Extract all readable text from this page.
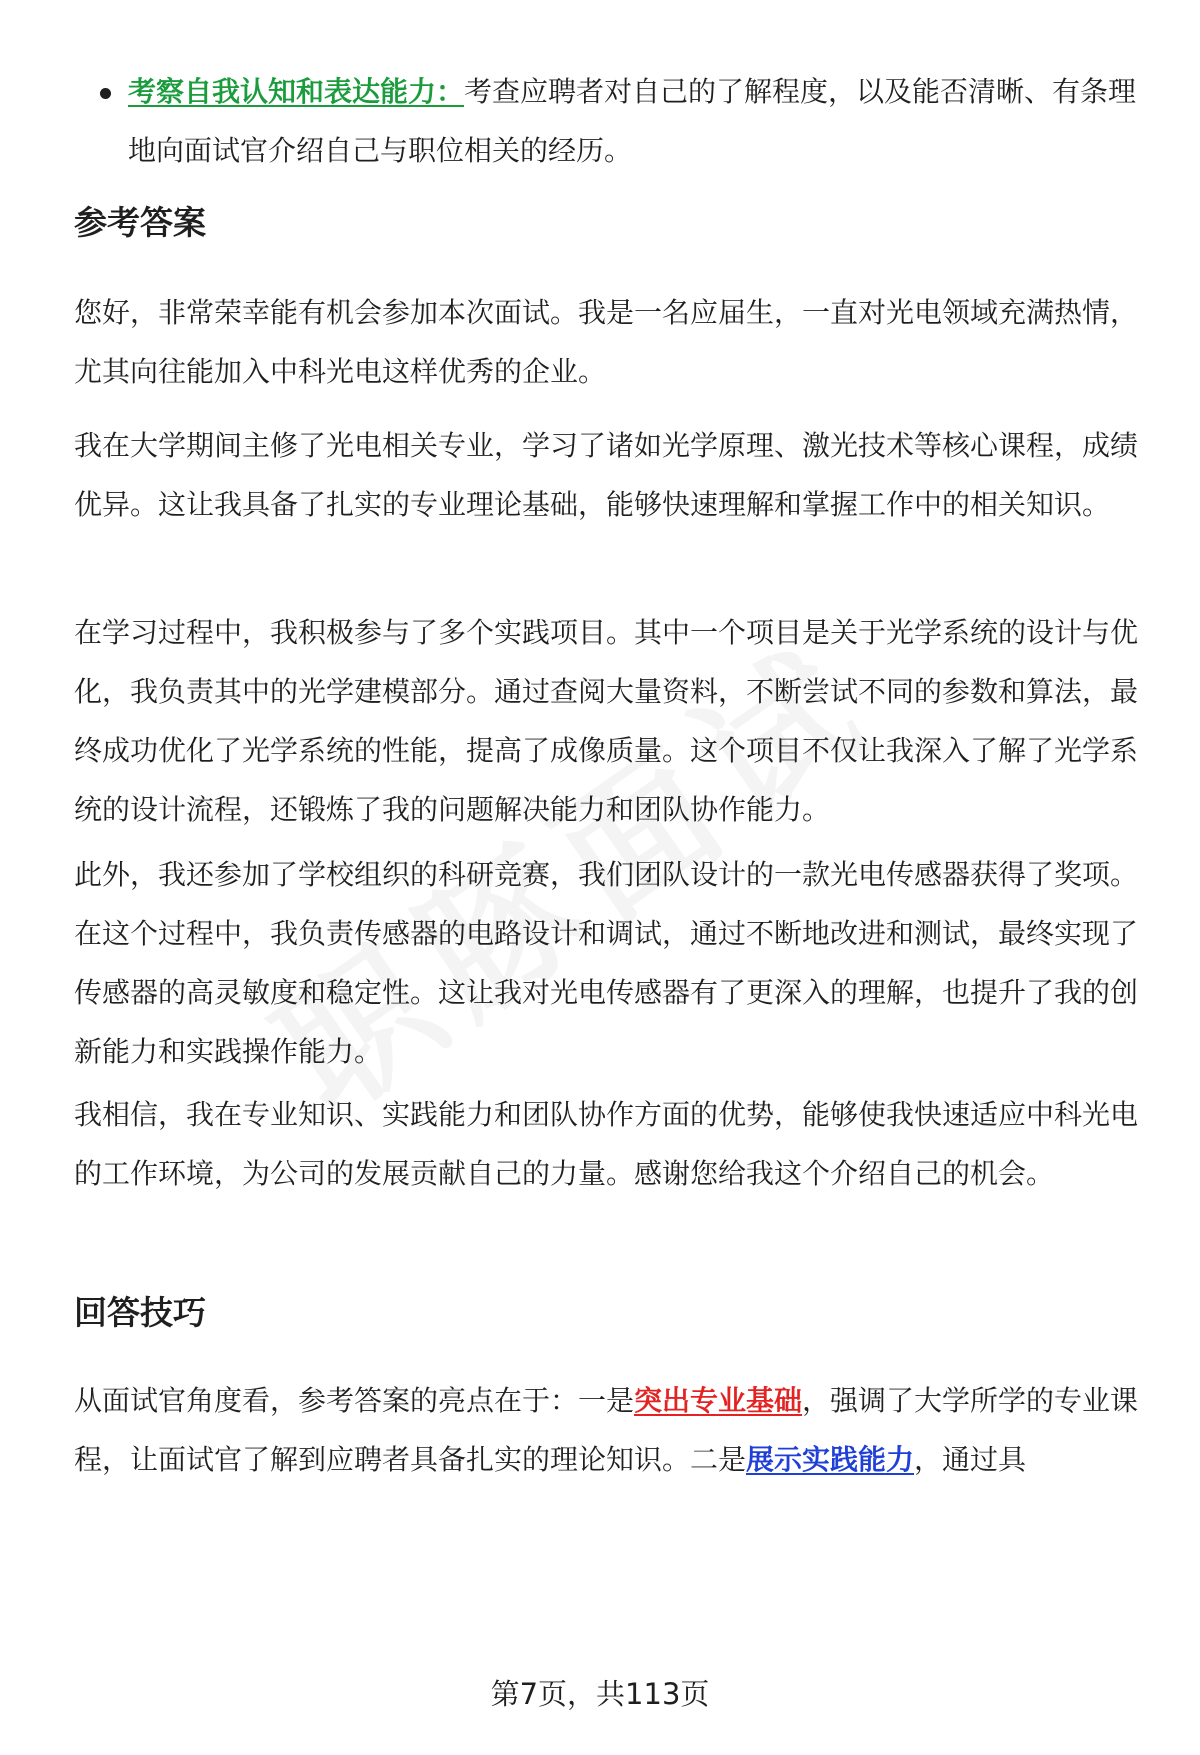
考察自我认知和表达能力：考查应聘者对自己的了解程度，以及能否清晰、有条理地向面试官介绍自己与职位相关的经历。
参考答案

您好，非常荣幸能有机会参加本次面试。我是一名应届生，一直对光电领域充满热情，尤其向往能加入中科光电这样优秀的企业。

我在大学期间主修了光电相关专业，学习了诸如光学原理、激光技术等核心课程，成绩优异。这让我具备了扎实的专业理论基础，能够快速理解和掌握工作中的相关知识。

在学习过程中，我积极参与了多个实践项目。其中一个项目是关于光学系统的设计与优化，我负责其中的光学建模部分。通过查阅大量资料，不断尝试不同的参数和算法，最终成功优化了光学系统的性能，提高了成像质量。这个项目不仅让我深入了解了光学系统的设计流程，还锻炼了我的问题解决能力和团队协作能力。

此外，我还参加了学校组织的科研竞赛，我们团队设计的一款光电传感器获得了奖项。在这个过程中，我负责传感器的电路设计和调试，通过不断地改进和测试，最终实现了传感器的高灵敏度和稳定性。这让我对光电传感器有了更深入的理解，也提升了我的创新能力和实践操作能力。

我相信，我在专业知识、实践能力和团队协作方面的优势，能够使我快速适应中科光电的工作环境，为公司的发展贡献自己的力量。感谢您给我这个介绍自己的机会。

回答技巧

从面试官角度看，参考答案的亮点在于：一是突出专业基础，强调了大学所学的专业课程，让面试官了解到应聘者具备扎实的理论知识。二是展示实践能力，通过具

第7页，共113页
